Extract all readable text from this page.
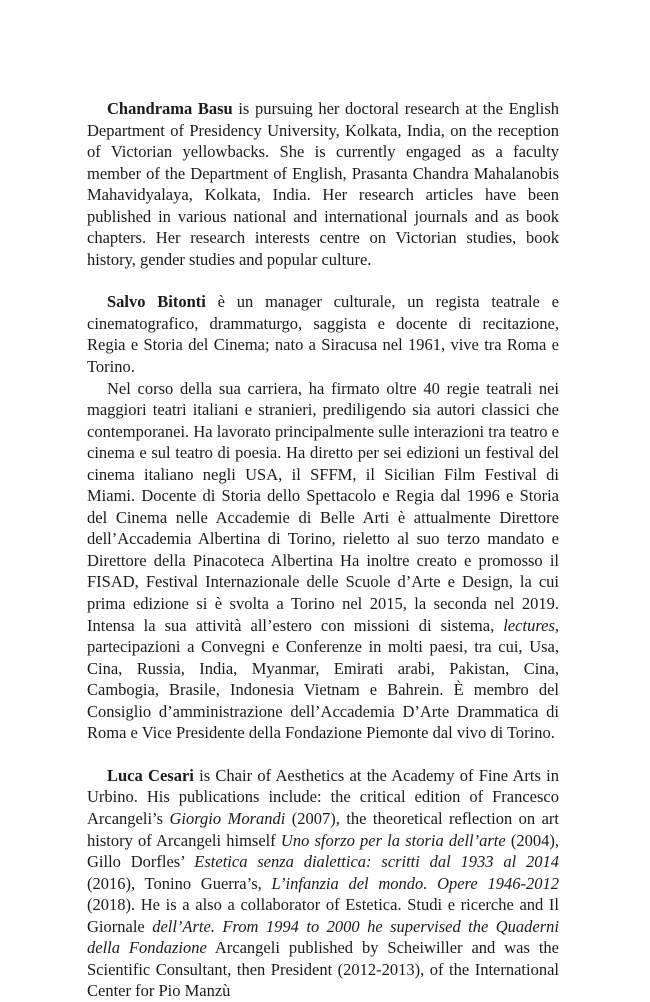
Chandrama Basu is pursuing her doctoral research at the English Department of Presidency University, Kolkata, India, on the reception of Victorian yellowbacks. She is currently engaged as a faculty member of the Department of English, Prasanta Chandra Mahalanobis Mahavidyalaya, Kolkata, India. Her research articles have been published in various national and international journals and as book chapters. Her research interests centre on Victorian studies, book history, gender studies and popular culture.

Salvo Bitonti è un manager culturale, un regista teatrale e cinematografico, drammaturgo, saggista e docente di recitazione, Regia e Storia del Cinema; nato a Siracusa nel 1961, vive tra Roma e Torino.

Nel corso della sua carriera, ha firmato oltre 40 regie teatrali nei maggiori teatri italiani e stranieri, prediligendo sia autori classici che contemporanei. Ha lavorato principalmente sulle interazioni tra teatro e cinema e sul teatro di poesia. Ha diretto per sei edizioni un festival del cinema italiano negli USA, il SFFM, il Sicilian Film Festival di Miami. Docente di Storia dello Spettacolo e Regia dal 1996 e Storia del Cinema nelle Accademie di Belle Arti è attualmente Direttore dell’Accademia Albertina di Torino, rieletto al suo terzo mandato e Direttore della Pinacoteca Albertina Ha inoltre creato e promosso il FISAD, Festival Internazionale delle Scuole d’Arte e Design, la cui prima edizione si è svolta a Torino nel 2015, la seconda nel 2019. Intensa la sua attività all’estero con missioni di sistema, lectures, partecipazioni a Convegni e Conferenze in molti paesi, tra cui, Usa, Cina, Russia, India, Myanmar, Emirati arabi, Pakistan, Cina, Cambogia, Brasile, Indonesia Vietnam e Bahrein. È membro del Consiglio d’amministrazione dell’Accademia D’Arte Drammatica di Roma e Vice Presidente della Fondazione Piemonte dal vivo di Torino.

Luca Cesari is Chair of Aesthetics at the Academy of Fine Arts in Urbino. His publications include: the critical edition of Francesco Arcangeli’s Giorgio Morandi (2007), the theoretical reflection on art history of Arcangeli himself Uno sforzo per la storia dell’arte (2004), Gillo Dorfles’ Estetica senza dialettica: scritti dal 1933 al 2014 (2016), Tonino Guerra’s, L’infanzia del mondo. Opere 1946-2012 (2018). He is a also a collaborator of Estetica. Studi e ricerche and Il Giornale dell’Arte. From 1994 to 2000 he supervised the Quaderni della Fondazione Arcangeli published by Scheiwiller and was the Scientific Consultant, then President (2012-2013), of the International Center for Pio Manzù
